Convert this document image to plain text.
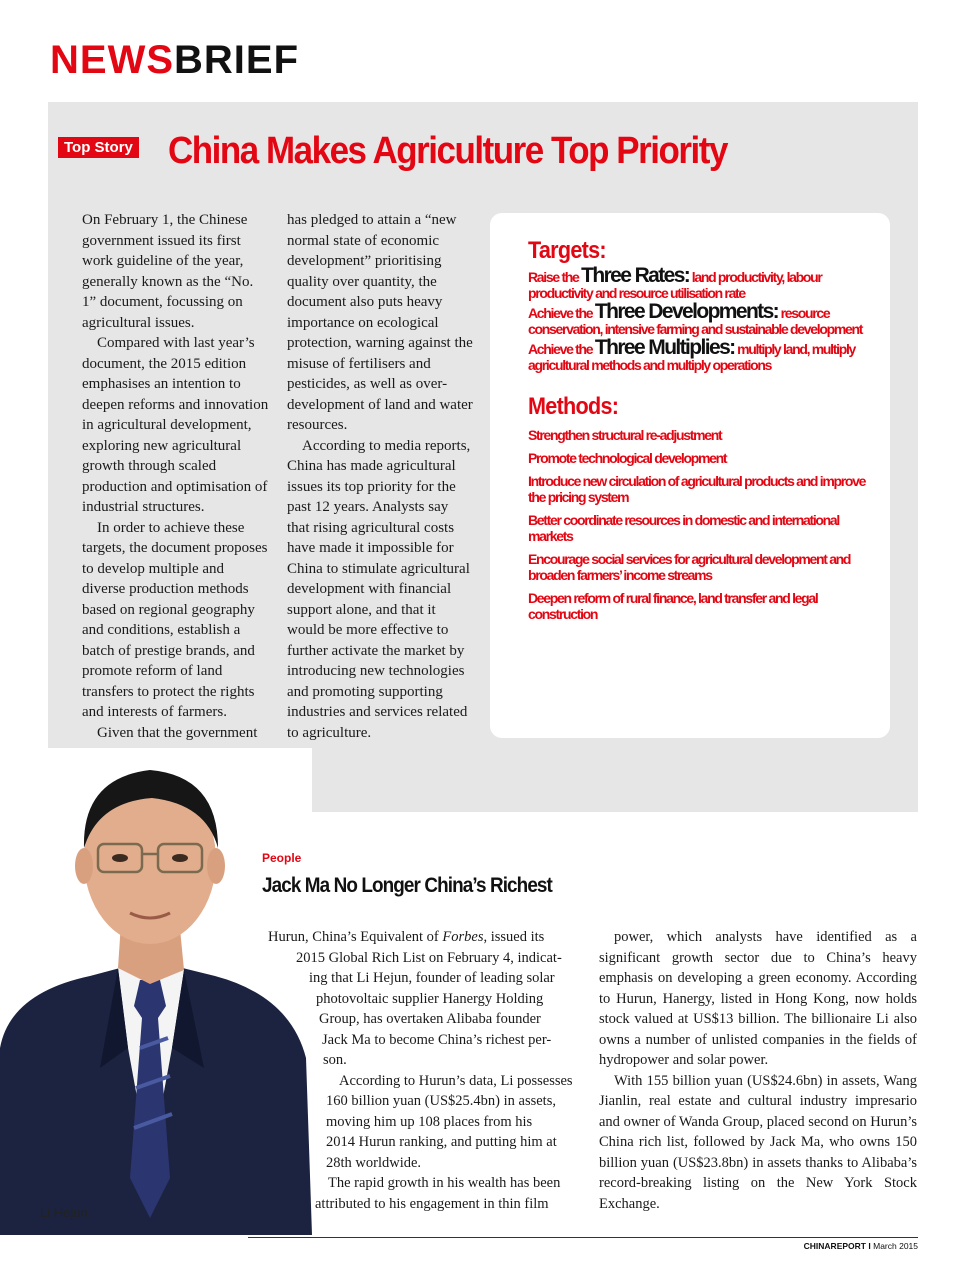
NEWSBRIEF
Top Story China Makes Agriculture Top Priority

On February 1, the Chinese government issued its first work guideline of the year, generally known as the “No. 1” document, focussing on agricultural issues.

Compared with last year’s document, the 2015 edition emphasises an intention to deepen reforms and innovation in agricultural development, exploring new agricultural growth through scaled production and optimisation of industrial structures.

In order to achieve these targets, the document proposes to develop multiple and diverse production methods based on regional geography and conditions, establish a batch of prestige brands, and promote reform of land transfers to protect the rights and interests of farmers.

Given that the government

has pledged to attain a “new normal state of economic development” prioritising quality over quantity, the document also puts heavy importance on ecological protection, warning against the misuse of fertilisers and pesticides, as well as over-development of land and water resources.

According to media reports, China has made agricultural issues its top priority for the past 12 years. Analysts say that rising agricultural costs have made it impossible for China to stimulate agricultural development with financial support alone, and that it would be more effective to further activate the market by introducing new technologies and promoting supporting industries and services related to agriculture.

Targets:
Raise the Three Rates: land productivity, labour productivity and resource utilisation rate
Achieve the Three Developments: resource conservation, intensive farming and sustainable development
Achieve the Three Multiplies: multiply land, multiply agricultural methods and multiply operations
Methods:
Strengthen structural re-adjustment
Promote technological development
Introduce new circulation of agricultural products and improve the pricing system
Better coordinate resources in domestic and international markets
Encourage social services for agricultural development and broaden farmers’ income streams
Deepen reform of rural finance, land transfer and legal construction
Li Hejun
People
Jack Ma No Longer China’s Richest
Hurun, China’s Equivalent of Forbes, issued its
2015 Global Rich List on February 4, indicat-
ing that Li Hejun, founder of leading solar
photovoltaic supplier Hanergy Holding
Group, has overtaken Alibaba founder
Jack Ma to become China’s richest per-
son.
According to Hurun’s data, Li possesses
160 billion yuan (US$25.4bn) in assets,
moving him up 108 places from his
2014 Hurun ranking, and putting him at
28th worldwide.
The rapid growth in his wealth has been
attributed to his engagement in thin film

power, which analysts have identified as a significant growth sector due to China’s heavy emphasis on developing a green economy. According to Hurun, Hanergy, listed in Hong Kong, now holds stock valued at US$13 billion. The billionaire Li also owns a number of unlisted companies in the fields of hydropower and solar power.

With 155 billion yuan (US$24.6bn) in assets, Wang Jianlin, real estate and cultural industry impresario and owner of Wanda Group, placed second on Hurun’s China rich list, followed by Jack Ma, who owns 150 billion yuan (US$23.8bn) in assets thanks to Alibaba’s record-breaking listing on the New York Stock Exchange.

CHINAREPORT I March 2015
